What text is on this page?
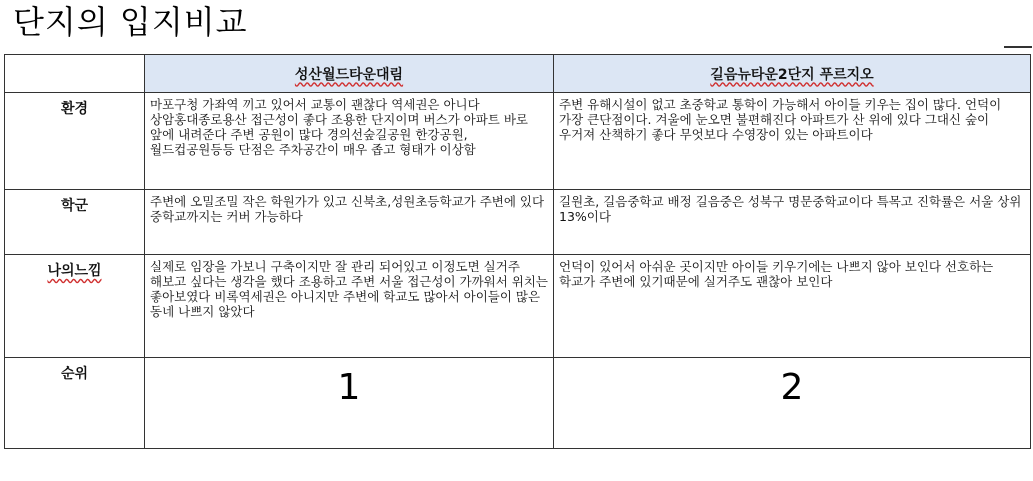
단지의 입지비교
	성산월드타운대림	길음뉴타운2단지 푸르지오
환경	마포구청 가좌역 끼고 있어서 교통이 괜찮다 역세권은 아니다 상암홍대종로용산 접근성이 좋다 조용한 단지이며 버스가 아파트 바로 앞에 내려준다 주변 공원이 많다 경의선숲길공원 한강공원, 월드컵공원등등 단점은 주차공간이 매우 좁고 형태가 이상함	주변 유해시설이 없고 초중학교 통학이 가능해서 아이들 키우는 집이 많다. 언덕이 가장 큰단점이다. 겨울에 눈오면 불편해진다 아파트가 산 위에 있다 그대신 숲이 우거져 산책하기 좋다 무엇보다 수영장이 있는 아파트이다
학군	주변에 오밀조밀 작은 학원가가 있고 신북초,성원초등학교가 주변에 있다 중학교까지는 커버 가능하다	길원초, 길음중학교 배정 길음중은 성북구 명문중학교이다 특목고 진학률은 서울 상위 13%이다
나의느낌	실제로 임장을 가보니 구축이지만 잘 관리 되어있고 이정도면 실거주 해보고 싶다는 생각을 했다 조용하고 주변 서울 접근성이 가까워서 위치는 좋아보였다 비록역세권은 아니지만 주변에 학교도 많아서 아이들이 많은 동네 나쁘지 않았다	언덕이 있어서 아쉬운 곳이지만 아이들 키우기에는 나쁘지 않아 보인다 선호하는 학교가 주변에 있기때문에 실거주도 괜찮아 보인다
순위	1	2
